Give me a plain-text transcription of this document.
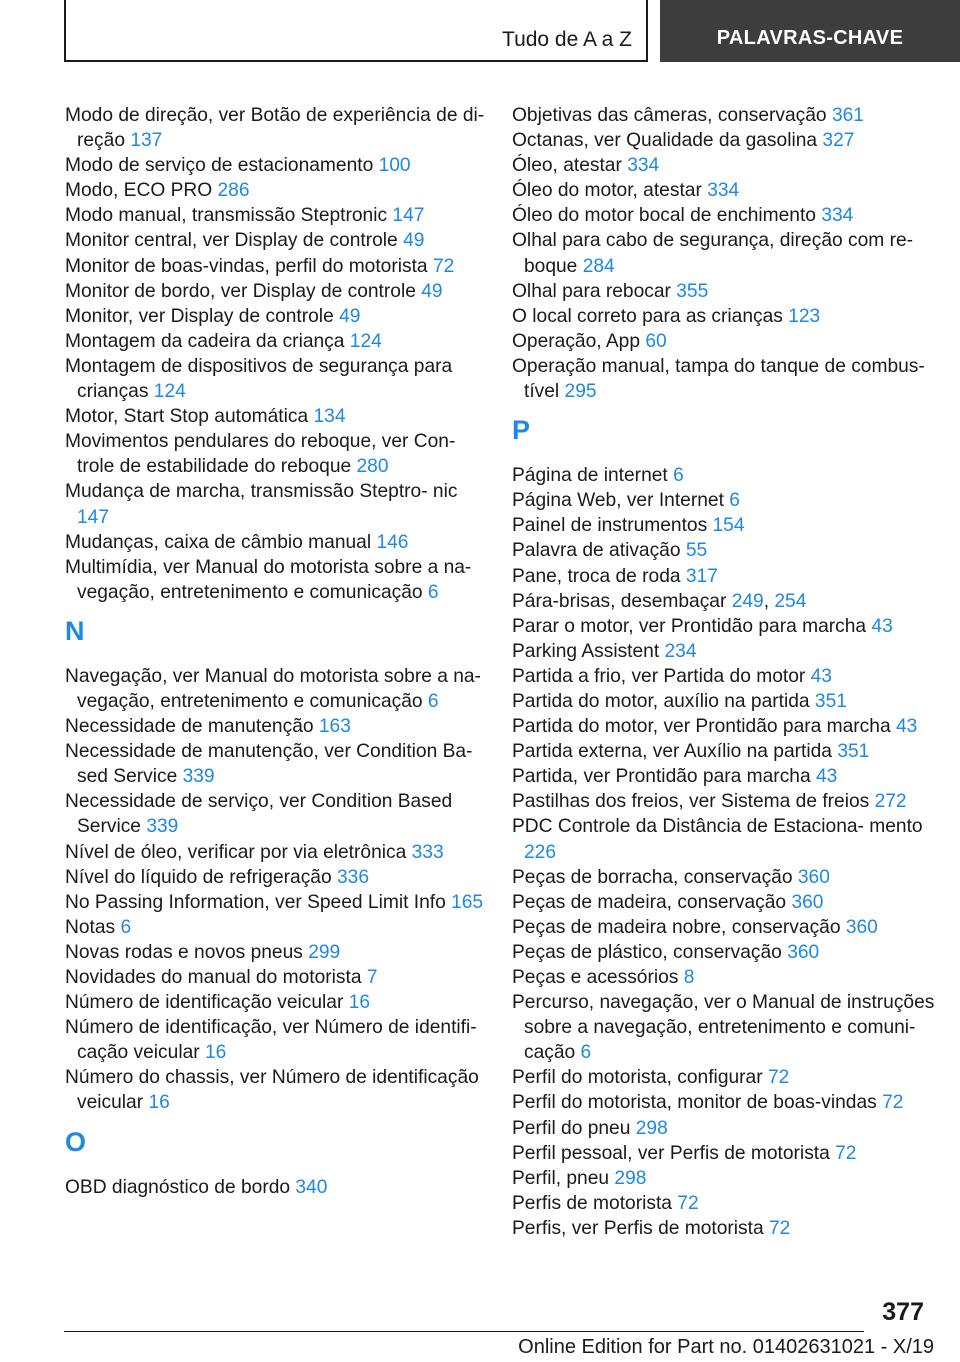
Tudo de A a Z	PALAVRAS-CHAVE
Modo de direção, ver Botão de experiência de di‐ reção 137
Modo de serviço de estacionamento 100
Modo, ECO PRO 286
Modo manual, transmissão Steptronic 147
Monitor central, ver Display de controle 49
Monitor de boas-vindas, perfil do motorista 72
Monitor de bordo, ver Display de controle 49
Monitor, ver Display de controle 49
Montagem da cadeira da criança 124
Montagem de dispositivos de segurança para crianças 124
Motor, Start Stop automática 134
Movimentos pendulares do reboque, ver Con‐ trole de estabilidade do reboque 280
Mudança de marcha, transmissão Steptro‐ nic 147
Mudanças, caixa de câmbio manual 146
Multimídia, ver Manual do motorista sobre a na‐ vegação, entretenimento e comunicação 6
N
Navegação, ver Manual do motorista sobre a na‐ vegação, entretenimento e comunicação 6
Necessidade de manutenção 163
Necessidade de manutenção, ver Condition Ba‐ sed Service 339
Necessidade de serviço, ver Condition Based Service 339
Nível de óleo, verificar por via eletrônica 333
Nível do líquido de refrigeração 336
No Passing Information, ver Speed Limit Info 165
Notas 6
Novas rodas e novos pneus 299
Novidades do manual do motorista 7
Número de identificação veicular 16
Número de identificação, ver Número de identifi‐ cação veicular 16
Número do chassis, ver Número de identificação veicular 16
O
OBD diagnóstico de bordo 340
Objetivas das câmeras, conservação 361
Octanas, ver Qualidade da gasolina 327
Óleo, atestar 334
Óleo do motor, atestar 334
Óleo do motor bocal de enchimento 334
Olhal para cabo de segurança, direção com re‐ boque 284
Olhal para rebocar 355
O local correto para as crianças 123
Operação, App 60
Operação manual, tampa do tanque de combus‐ tível 295
P
Página de internet 6
Página Web, ver Internet 6
Painel de instrumentos 154
Palavra de ativação 55
Pane, troca de roda 317
Pára-brisas, desembaçar 249, 254
Parar o motor, ver Prontidão para marcha 43
Parking Assistent 234
Partida a frio, ver Partida do motor 43
Partida do motor, auxílio na partida 351
Partida do motor, ver Prontidão para marcha 43
Partida externa, ver Auxílio na partida 351
Partida, ver Prontidão para marcha 43
Pastilhas dos freios, ver Sistema de freios 272
PDC Controle da Distância de Estaciona‐ mento 226
Peças de borracha, conservação 360
Peças de madeira, conservação 360
Peças de madeira nobre, conservação 360
Peças de plástico, conservação 360
Peças e acessórios 8
Percurso, navegação, ver o Manual de instruções sobre a navegação, entretenimento e comuni‐ cação 6
Perfil do motorista, configurar 72
Perfil do motorista, monitor de boas-vindas 72
Perfil do pneu 298
Perfil pessoal, ver Perfis de motorista 72
Perfil, pneu 298
Perfis de motorista 72
Perfis, ver Perfis de motorista 72
377
Online Edition for Part no. 01402631021 - X/19
